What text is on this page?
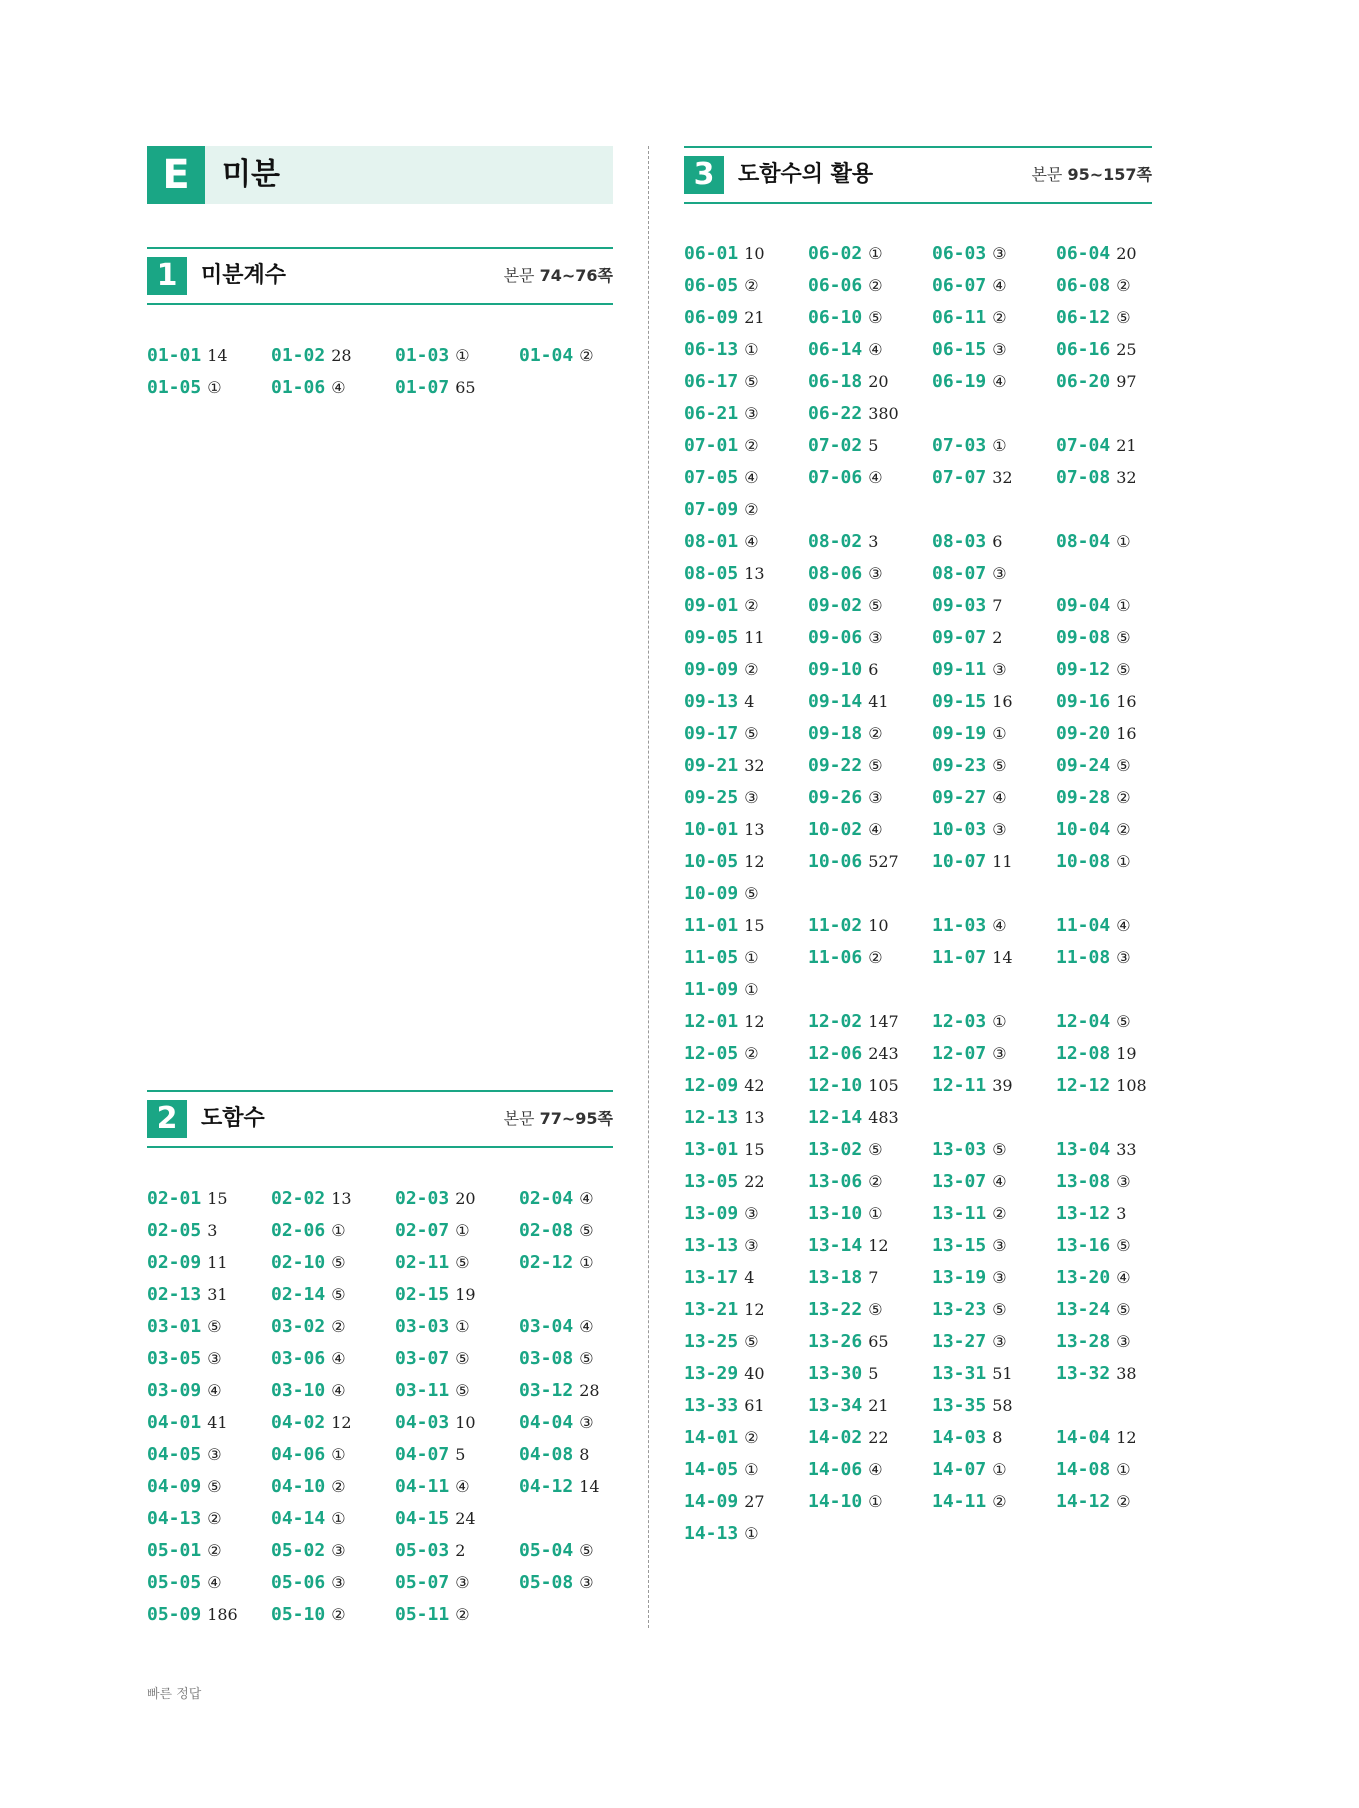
E	미분
1	미분계수	본문 74~76쪽
01-01 14	01-02 28	01-03 ①	01-04 ②
01-05 ①	01-06 ④	01-07 65
2	도함수	본문 77~95쪽
02-01 15	02-02 13	02-03 20	02-04 ④
02-05 3	02-06 ①	02-07 ①	02-08 ⑤
02-09 11	02-10 ⑤	02-11 ⑤	02-12 ①
02-13 31	02-14 ⑤	02-15 19
03-01 ⑤	03-02 ②	03-03 ①	03-04 ④
03-05 ③	03-06 ④	03-07 ⑤	03-08 ⑤
03-09 ④	03-10 ④	03-11 ⑤	03-12 28
04-01 41	04-02 12	04-03 10	04-04 ③
04-05 ③	04-06 ①	04-07 5	04-08 8
04-09 ⑤	04-10 ②	04-11 ④	04-12 14
04-13 ②	04-14 ①	04-15 24
05-01 ②	05-02 ③	05-03 2	05-04 ⑤
05-05 ④	05-06 ③	05-07 ③	05-08 ③
05-09 186	05-10 ②	05-11 ②
3	도함수의 활용	본문 95~157쪽
06-01 10	06-02 ①	06-03 ③	06-04 20
06-05 ②	06-06 ②	06-07 ④	06-08 ②
06-09 21	06-10 ⑤	06-11 ②	06-12 ⑤
06-13 ①	06-14 ④	06-15 ③	06-16 25
06-17 ⑤	06-18 20	06-19 ④	06-20 97
06-21 ③	06-22 380
07-01 ②	07-02 5	07-03 ①	07-04 21
07-05 ④	07-06 ④	07-07 32	07-08 32
07-09 ②
08-01 ④	08-02 3	08-03 6	08-04 ①
08-05 13	08-06 ③	08-07 ③
09-01 ②	09-02 ⑤	09-03 7	09-04 ①
09-05 11	09-06 ③	09-07 2	09-08 ⑤
09-09 ②	09-10 6	09-11 ③	09-12 ⑤
09-13 4	09-14 41	09-15 16	09-16 16
09-17 ⑤	09-18 ②	09-19 ①	09-20 16
09-21 32	09-22 ⑤	09-23 ⑤	09-24 ⑤
09-25 ③	09-26 ③	09-27 ④	09-28 ②
10-01 13	10-02 ④	10-03 ③	10-04 ②
10-05 12	10-06 527	10-07 11	10-08 ①
10-09 ⑤
11-01 15	11-02 10	11-03 ④	11-04 ④
11-05 ①	11-06 ②	11-07 14	11-08 ③
11-09 ①
12-01 12	12-02 147	12-03 ①	12-04 ⑤
12-05 ②	12-06 243	12-07 ③	12-08 19
12-09 42	12-10 105	12-11 39	12-12 108
12-13 13	12-14 483
13-01 15	13-02 ⑤	13-03 ⑤	13-04 33
13-05 22	13-06 ②	13-07 ④	13-08 ③
13-09 ③	13-10 ①	13-11 ②	13-12 3
13-13 ③	13-14 12	13-15 ③	13-16 ⑤
13-17 4	13-18 7	13-19 ③	13-20 ④
13-21 12	13-22 ⑤	13-23 ⑤	13-24 ⑤
13-25 ⑤	13-26 65	13-27 ③	13-28 ③
13-29 40	13-30 5	13-31 51	13-32 38
13-33 61	13-34 21	13-35 58
14-01 ②	14-02 22	14-03 8	14-04 12
14-05 ①	14-06 ④	14-07 ①	14-08 ①
14-09 27	14-10 ①	14-11 ②	14-12 ②
14-13 ①
빠른 정답
